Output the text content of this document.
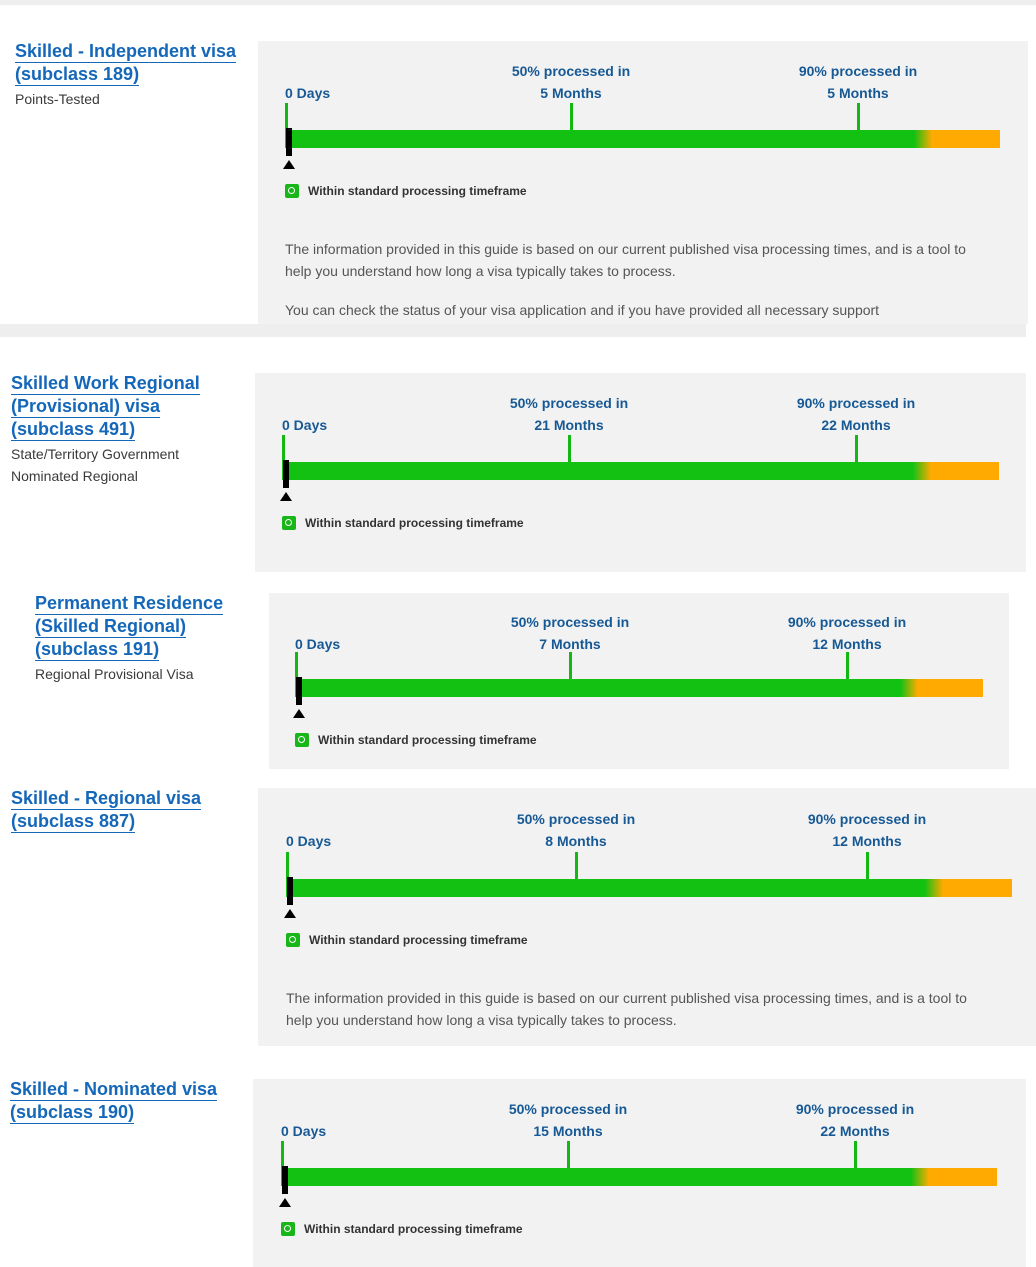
Skilled - Independent visa
(subclass 189)

Points-Tested
50% processed in
5 Months
90% processed in
5 Months
0 Days
Within standard processing timeframe

The information provided in this guide is based on our current published visa processing times, and is a tool to help you understand how long a visa typically takes to process.

You can check the status of your visa application and if you have provided all necessary support

Skilled Work Regional
(Provisional) visa
(subclass 491)

State/Territory Government
Nominated Regional
50% processed in
21 Months
90% processed in
22 Months
0 Days
Within standard processing timeframe
Permanent Residence
(Skilled Regional)
(subclass 191)

Regional Provisional Visa
50% processed in
7 Months
90% processed in
12 Months
0 Days
Within standard processing timeframe
Skilled - Regional visa
(subclass 887)	50% processed in
8 Months
90% processed in
12 Months
0 Days
Within standard processing timeframe

The information provided in this guide is based on our current published visa processing times, and is a tool to help you understand how long a visa typically takes to process.

Skilled - Nominated visa
(subclass 190)	50% processed in
15 Months
90% processed in
22 Months
0 Days
Within standard processing timeframe
